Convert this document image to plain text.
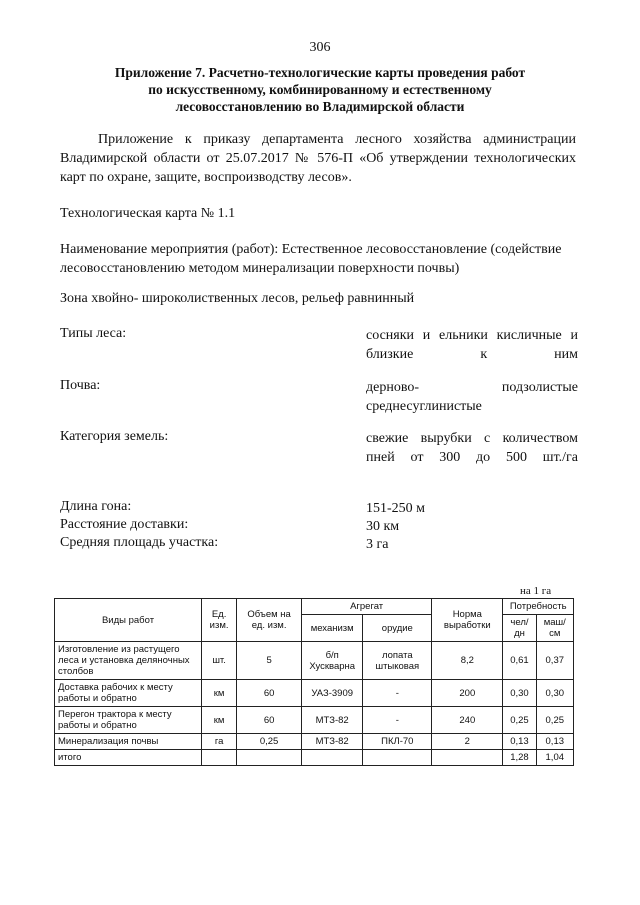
306
Приложение 7. Расчетно-технологические карты проведения работ
по искусственному, комбинированному и естественному
лесовосстановлению во Владимирской области
Приложение к приказу департамента лесного хозяйства администрации Владимирской области от 25.07.2017 № 576-П «Об утверждении технологических карт по охране, защите, воспроизводству лесов».
Технологическая карта № 1.1
Наименование мероприятия (работ): Естественное лесовосстановление (содействие лесовосстановлению методом минерализации поверхности почвы)
Зона хвойно- широколиственных лесов, рельеф равнинный
Типы леса:	сосняки и ельники кисличные и близкие к ним
Почва:	дерново- подзолистые среднесуглинистые
Категория земель:	свежие вырубки с количеством пней от 300 до 500 шт./га
Длина гона:	151-250 м
Расстояние доставки:	30 км
Средняя площадь участка:	3 га
на 1 га
Виды работ	Ед. изм.	Объем на ед. изм.	Агрегат		Норма выработки	Потребность	
			механизм	орудие		чел/дн	маш/см
Изготовление из растущего леса и установка деляночных столбов	шт.	5	б/п Хускварна	лопата штыковая	8,2	0,61	0,37
Доставка рабочих к месту работы и обратно	км	60	УАЗ-3909	-	200	0,30	0,30
Перегон трактора к месту работы и обратно	км	60	МТЗ-82	-	240	0,25	0,25
Минерализация почвы	га	0,25	МТЗ-82	ПКЛ-70	2	0,13	0,13
итого						1,28	1,04
